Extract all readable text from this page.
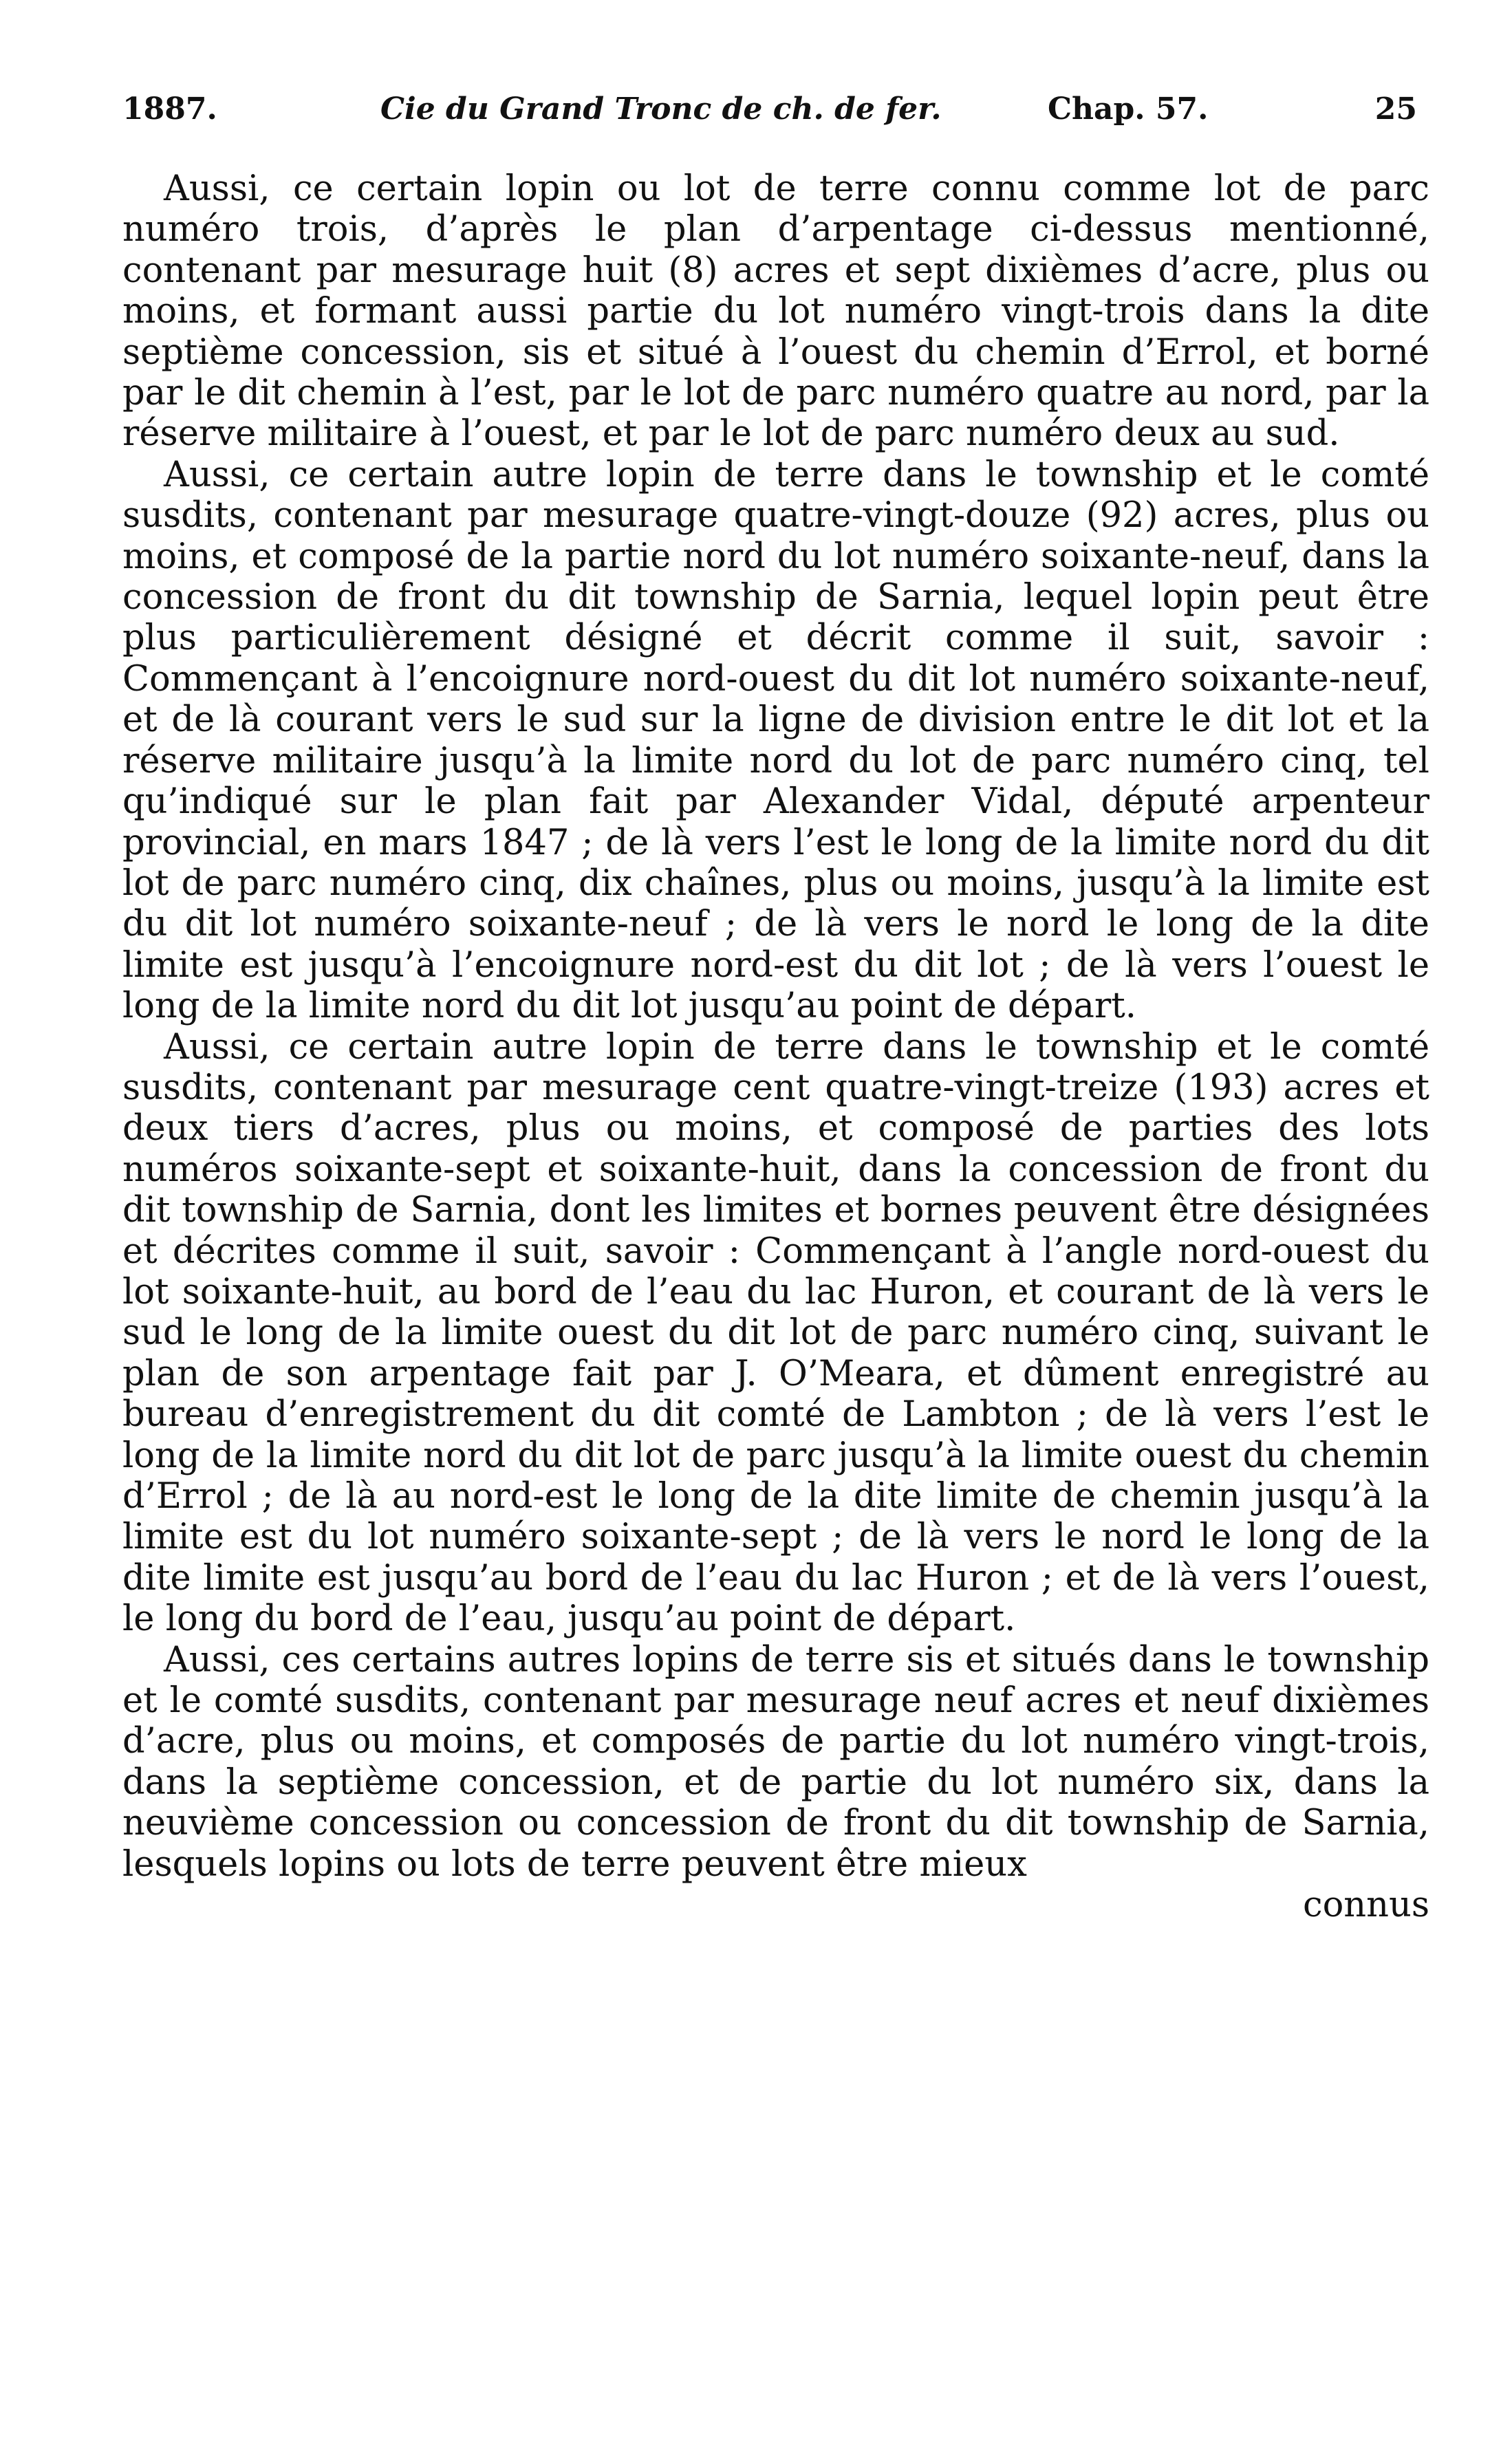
1887.	Cie du Grand Tronc de ch. de fer.	Chap. 57.	25

Aussi, ce certain lopin ou lot de terre connu comme lot de parc numéro trois, d’après le plan d’arpentage ci-dessus mentionné, contenant par mesurage huit (8) acres et sept dixièmes d’acre, plus ou moins, et formant aussi partie du lot numéro vingt-trois dans la dite septième concession, sis et situé à l’ouest du chemin d’Errol, et borné par le dit chemin à l’est, par le lot de parc numéro quatre au nord, par la réserve militaire à l’ouest, et par le lot de parc numéro deux au sud.

Aussi, ce certain autre lopin de terre dans le township et le comté susdits, contenant par mesurage quatre-vingt-douze (92) acres, plus ou moins, et composé de la partie nord du lot numéro soixante-neuf, dans la concession de front du dit township de Sarnia, lequel lopin peut être plus particulièrement désigné et décrit comme il suit, savoir : Commençant à l’encoignure nord-ouest du dit lot numéro soixante-neuf, et de là courant vers le sud sur la ligne de division entre le dit lot et la réserve militaire jusqu’à la limite nord du lot de parc numéro cinq, tel qu’indiqué sur le plan fait par Alexander Vidal, député arpenteur provincial, en mars 1847 ; de là vers l’est le long de la limite nord du dit lot de parc numéro cinq, dix chaînes, plus ou moins, jusqu’à la limite est du dit lot numéro soixante-neuf ; de là vers le nord le long de la dite limite est jusqu’à l’encoignure nord-est du dit lot ; de là vers l’ouest le long de la limite nord du dit lot jusqu’au point de départ.

Aussi, ce certain autre lopin de terre dans le township et le comté susdits, contenant par mesurage cent quatre-vingt-treize (193) acres et deux tiers d’acres, plus ou moins, et composé de parties des lots numéros soixante-sept et soixante-huit, dans la concession de front du dit township de Sarnia, dont les limites et bornes peuvent être désignées et décrites comme il suit, savoir : Commençant à l’angle nord-ouest du lot soixante-huit, au bord de l’eau du lac Huron, et courant de là vers le sud le long de la limite ouest du dit lot de parc numéro cinq, suivant le plan de son arpentage fait par J. O’Meara, et dûment enregistré au bureau d’enregistrement du dit comté de Lambton ; de là vers l’est le long de la limite nord du dit lot de parc jusqu’à la limite ouest du chemin d’Errol ; de là au nord-est le long de la dite limite de chemin jusqu’à la limite est du lot numéro soixante-sept ; de là vers le nord le long de la dite limite est jusqu’au bord de l’eau du lac Huron ; et de là vers l’ouest, le long du bord de l’eau, jusqu’au point de départ.

Aussi, ces certains autres lopins de terre sis et situés dans le township et le comté susdits, contenant par mesurage neuf acres et neuf dixièmes d’acre, plus ou moins, et composés de partie du lot numéro vingt-trois, dans la septième concession, et de partie du lot numéro six, dans la neuvième concession ou concession de front du dit township de Sarnia, lesquels lopins ou lots de terre peuvent être mieux

connus
